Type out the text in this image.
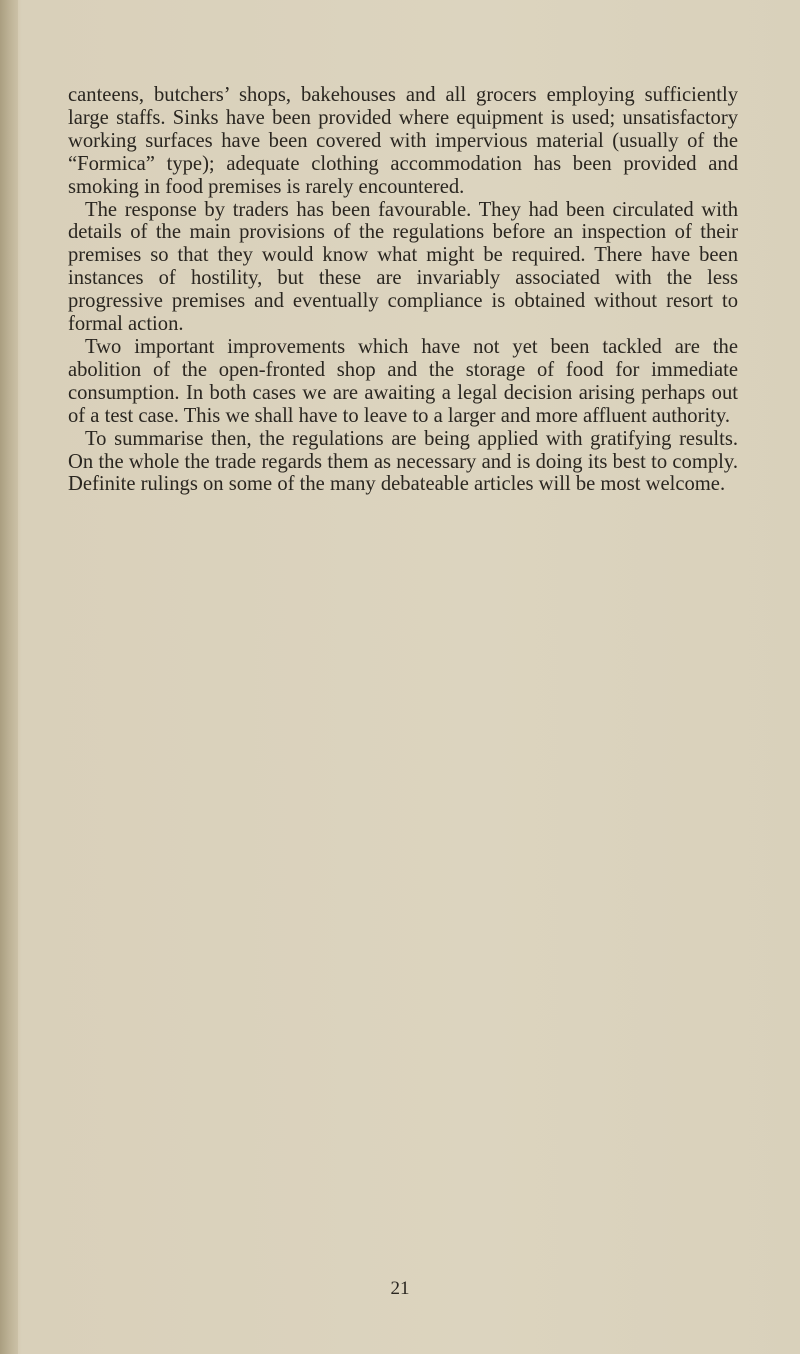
canteens, butchers’ shops, bakehouses and all grocers employing sufficiently large staffs. Sinks have been provided where equipment is used; unsatisfactory working surfaces have been covered with impervious material (usually of the “Formica” type); adequate clothing accommodation has been provided and smoking in food premises is rarely encountered.

The response by traders has been favourable. They had been circulated with details of the main provisions of the regulations before an inspection of their premises so that they would know what might be required. There have been instances of hostility, but these are invariably associated with the less progressive premises and eventually compliance is obtained without resort to formal action.

Two important improvements which have not yet been tackled are the abolition of the open-fronted shop and the storage of food for immediate consumption. In both cases we are awaiting a legal decision arising perhaps out of a test case. This we shall have to leave to a larger and more affluent authority.

To summarise then, the regulations are being applied with gratifying results. On the whole the trade regards them as necessary and is doing its best to comply. Definite rulings on some of the many debateable articles will be most welcome.

21
